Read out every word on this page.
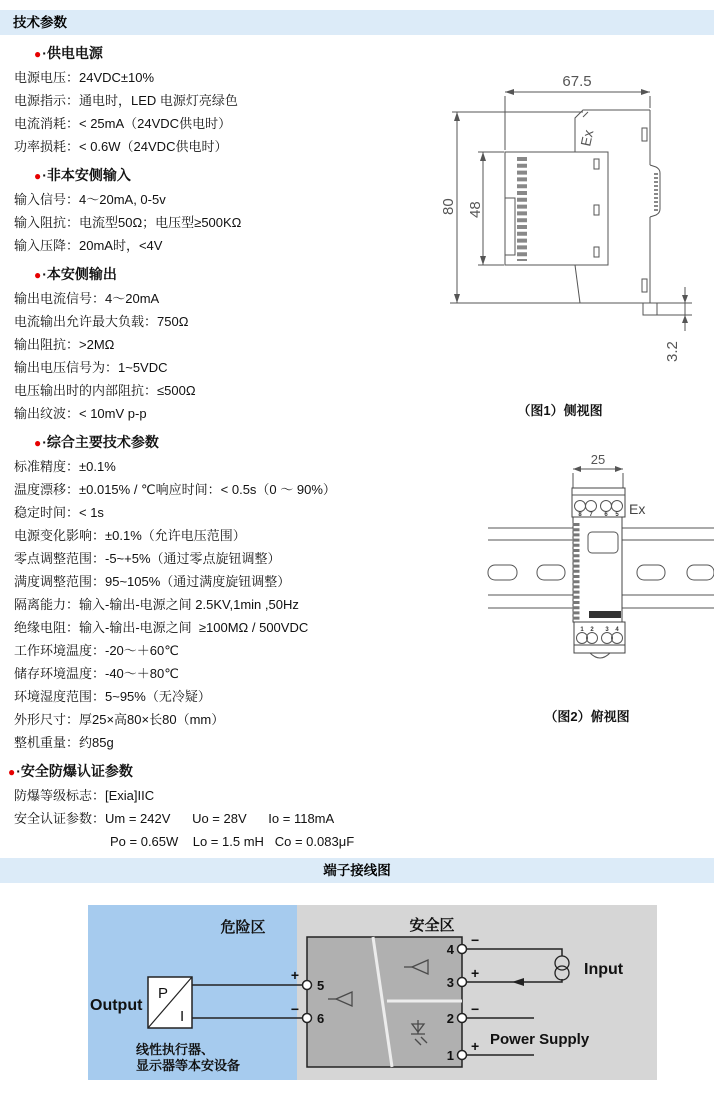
技术参数
●·供电电源
电源电压：24VDC±10%
电源指示：通电时，LED 电源灯亮绿色
电流消耗：< 25mA（24VDC供电时）
功率损耗：< 0.6W（24VDC供电时）
●·非本安侧输入
输入信号：4～20mA, 0-5v
输入阻抗：电流型50Ω；电压型≥500KΩ
输入压降：20mA时，<4V
●·本安侧输出
输出电流信号：4～20mA
电流输出允许最大负载：750Ω
输出阻抗：>2MΩ
输出电压信号为：1~5VDC
电压输出时的内部阻抗：≤500Ω
输出纹波：< 10mV p-p
●·综合主要技术参数
标准精度：±0.1%
温度漂移：±0.015% / ℃响应时间：< 0.5s（0 ～ 90%）
稳定时间：< 1s
电源变化影响：±0.1%（允许电压范围）
零点调整范围：-5~+5%（通过零点旋钮调整）
满度调整范围：95~105%（通过满度旋钮调整）
隔离能力：输入-输出-电源之间 2.5KV,1min ,50Hz
绝缘电阻：输入-输出-电源之间  ≥100MΩ / 500VDC
工作环境温度：-20～＋60℃
储存环境温度：-40～＋80℃
环境湿度范围：5~95%（无冷疑）
外形尺寸：厚25×高80×长80（mm）
整机重量：约85g
●·安全防爆认证参数
防爆等级标志：[Exia]IIC
安全认证参数：Um = 242V      Uo = 28V      Io = 118mA
Po = 0.65W    Lo = 1.5 mH   Co = 0.083μF
67.5
80 48
Ex
3.2
（图1）侧视图
25
8 7 6 5 Ex
1 2 3 4
（图2）俯视图
端子接线图
危险区	安全区
P
I
Output
线性执行器、
显示器等本安设备
+
−
5
6
4
3
2
1
−
+
−
+
Input
Power Supply
